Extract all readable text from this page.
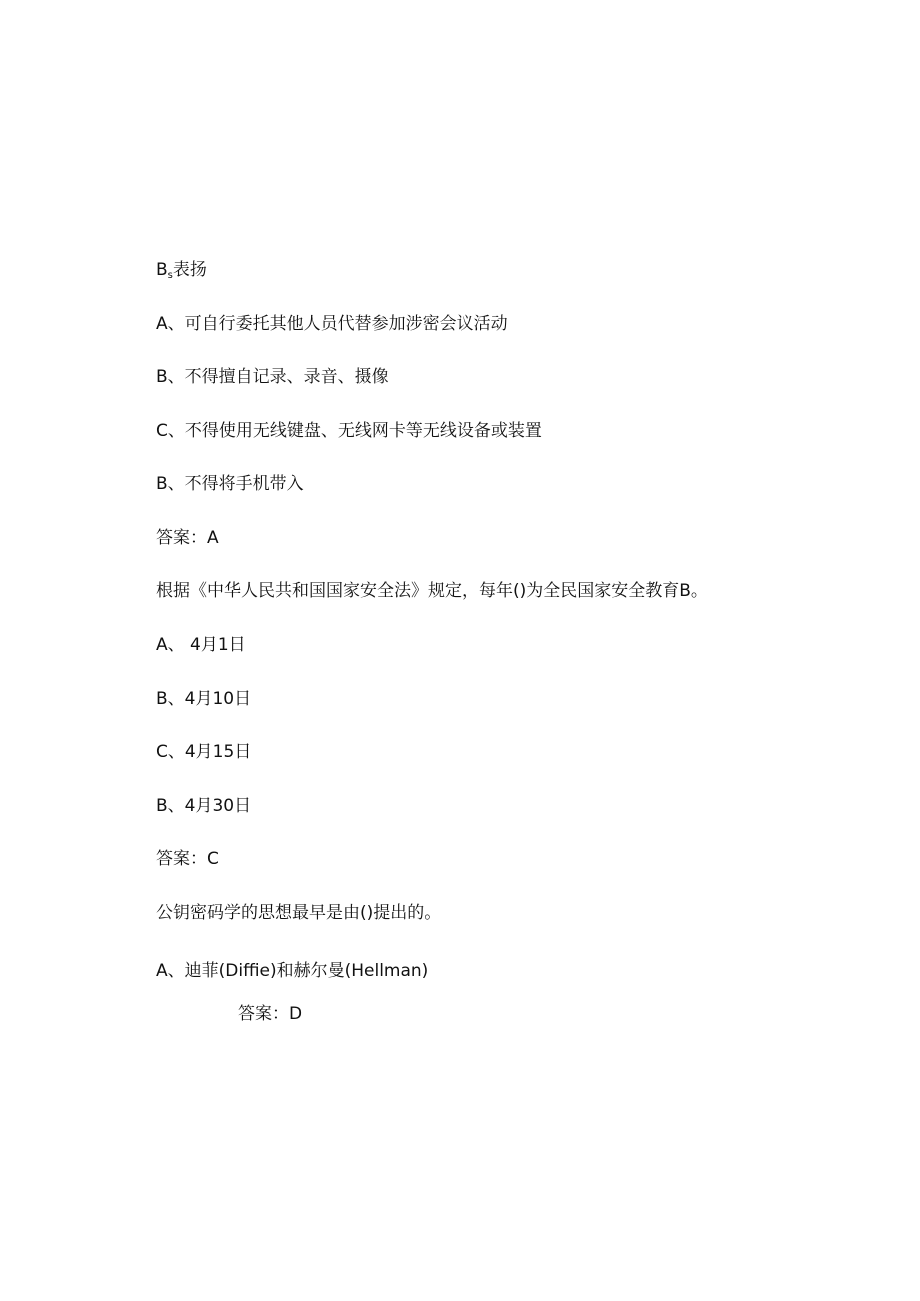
$B_s$表扬
A、可自行委托其他人员代替参加涉密会议活动
B、不得擅自记录、录音、摄像
C、不得使用无线键盘、无线网卡等无线设备或装置
B、不得将手机带入
答案：A
根据《中华人民共和国国家安全法》规定，每年()为全民国家安全教育B。
A、 4月1日
B、4月10日
C、4月15日
B、4月30日
答案：C
公钥密码学的思想最早是由()提出的。
A、迪菲(Diffie)和赫尔曼(Hellman)
答案：D
